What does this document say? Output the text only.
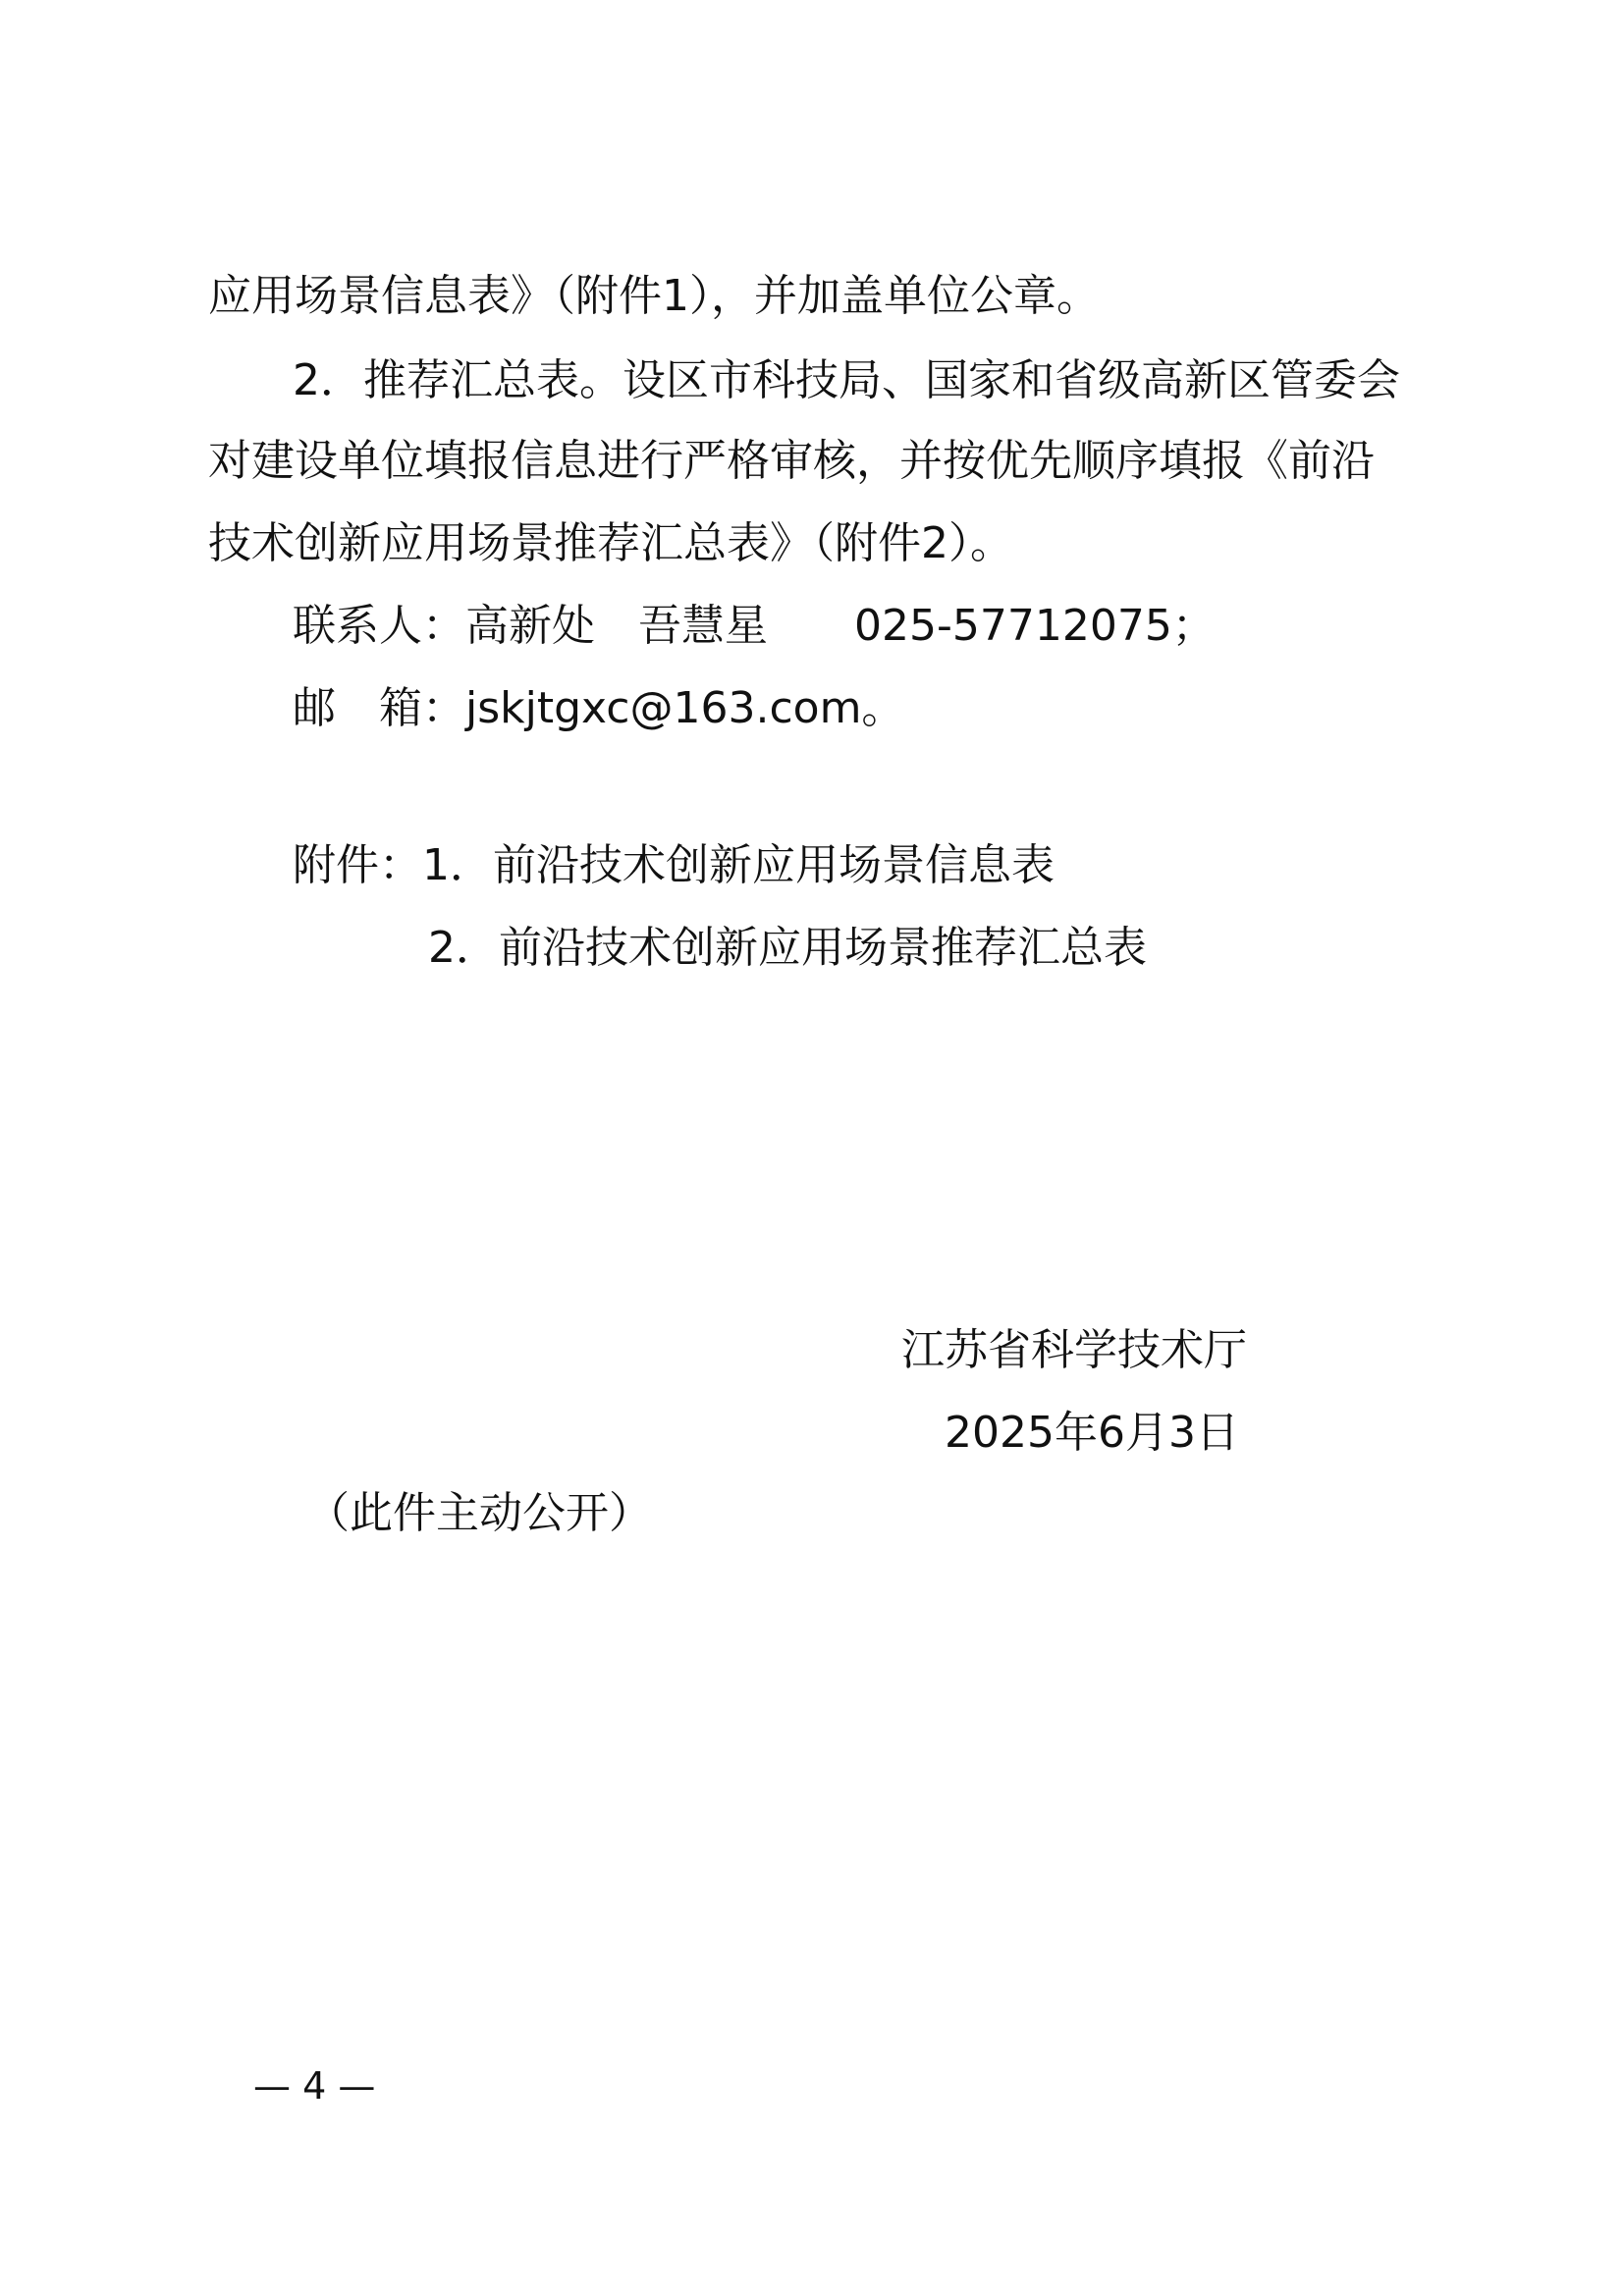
应用场景信息表》（附件1），并加盖单位公章。
2．推荐汇总表。设区市科技局、国家和省级高新区管委会
对建设单位填报信息进行严格审核，并按优先顺序填报《前沿
技术创新应用场景推荐汇总表》（附件2）。
联系人：高新处　吾慧星　　025-57712075；
邮　箱：jskjtgxc@163.com。
附件：1．前沿技术创新应用场景信息表
2．前沿技术创新应用场景推荐汇总表
江苏省科学技术厅
2025年6月3日
（此件主动公开）
— 4 —
